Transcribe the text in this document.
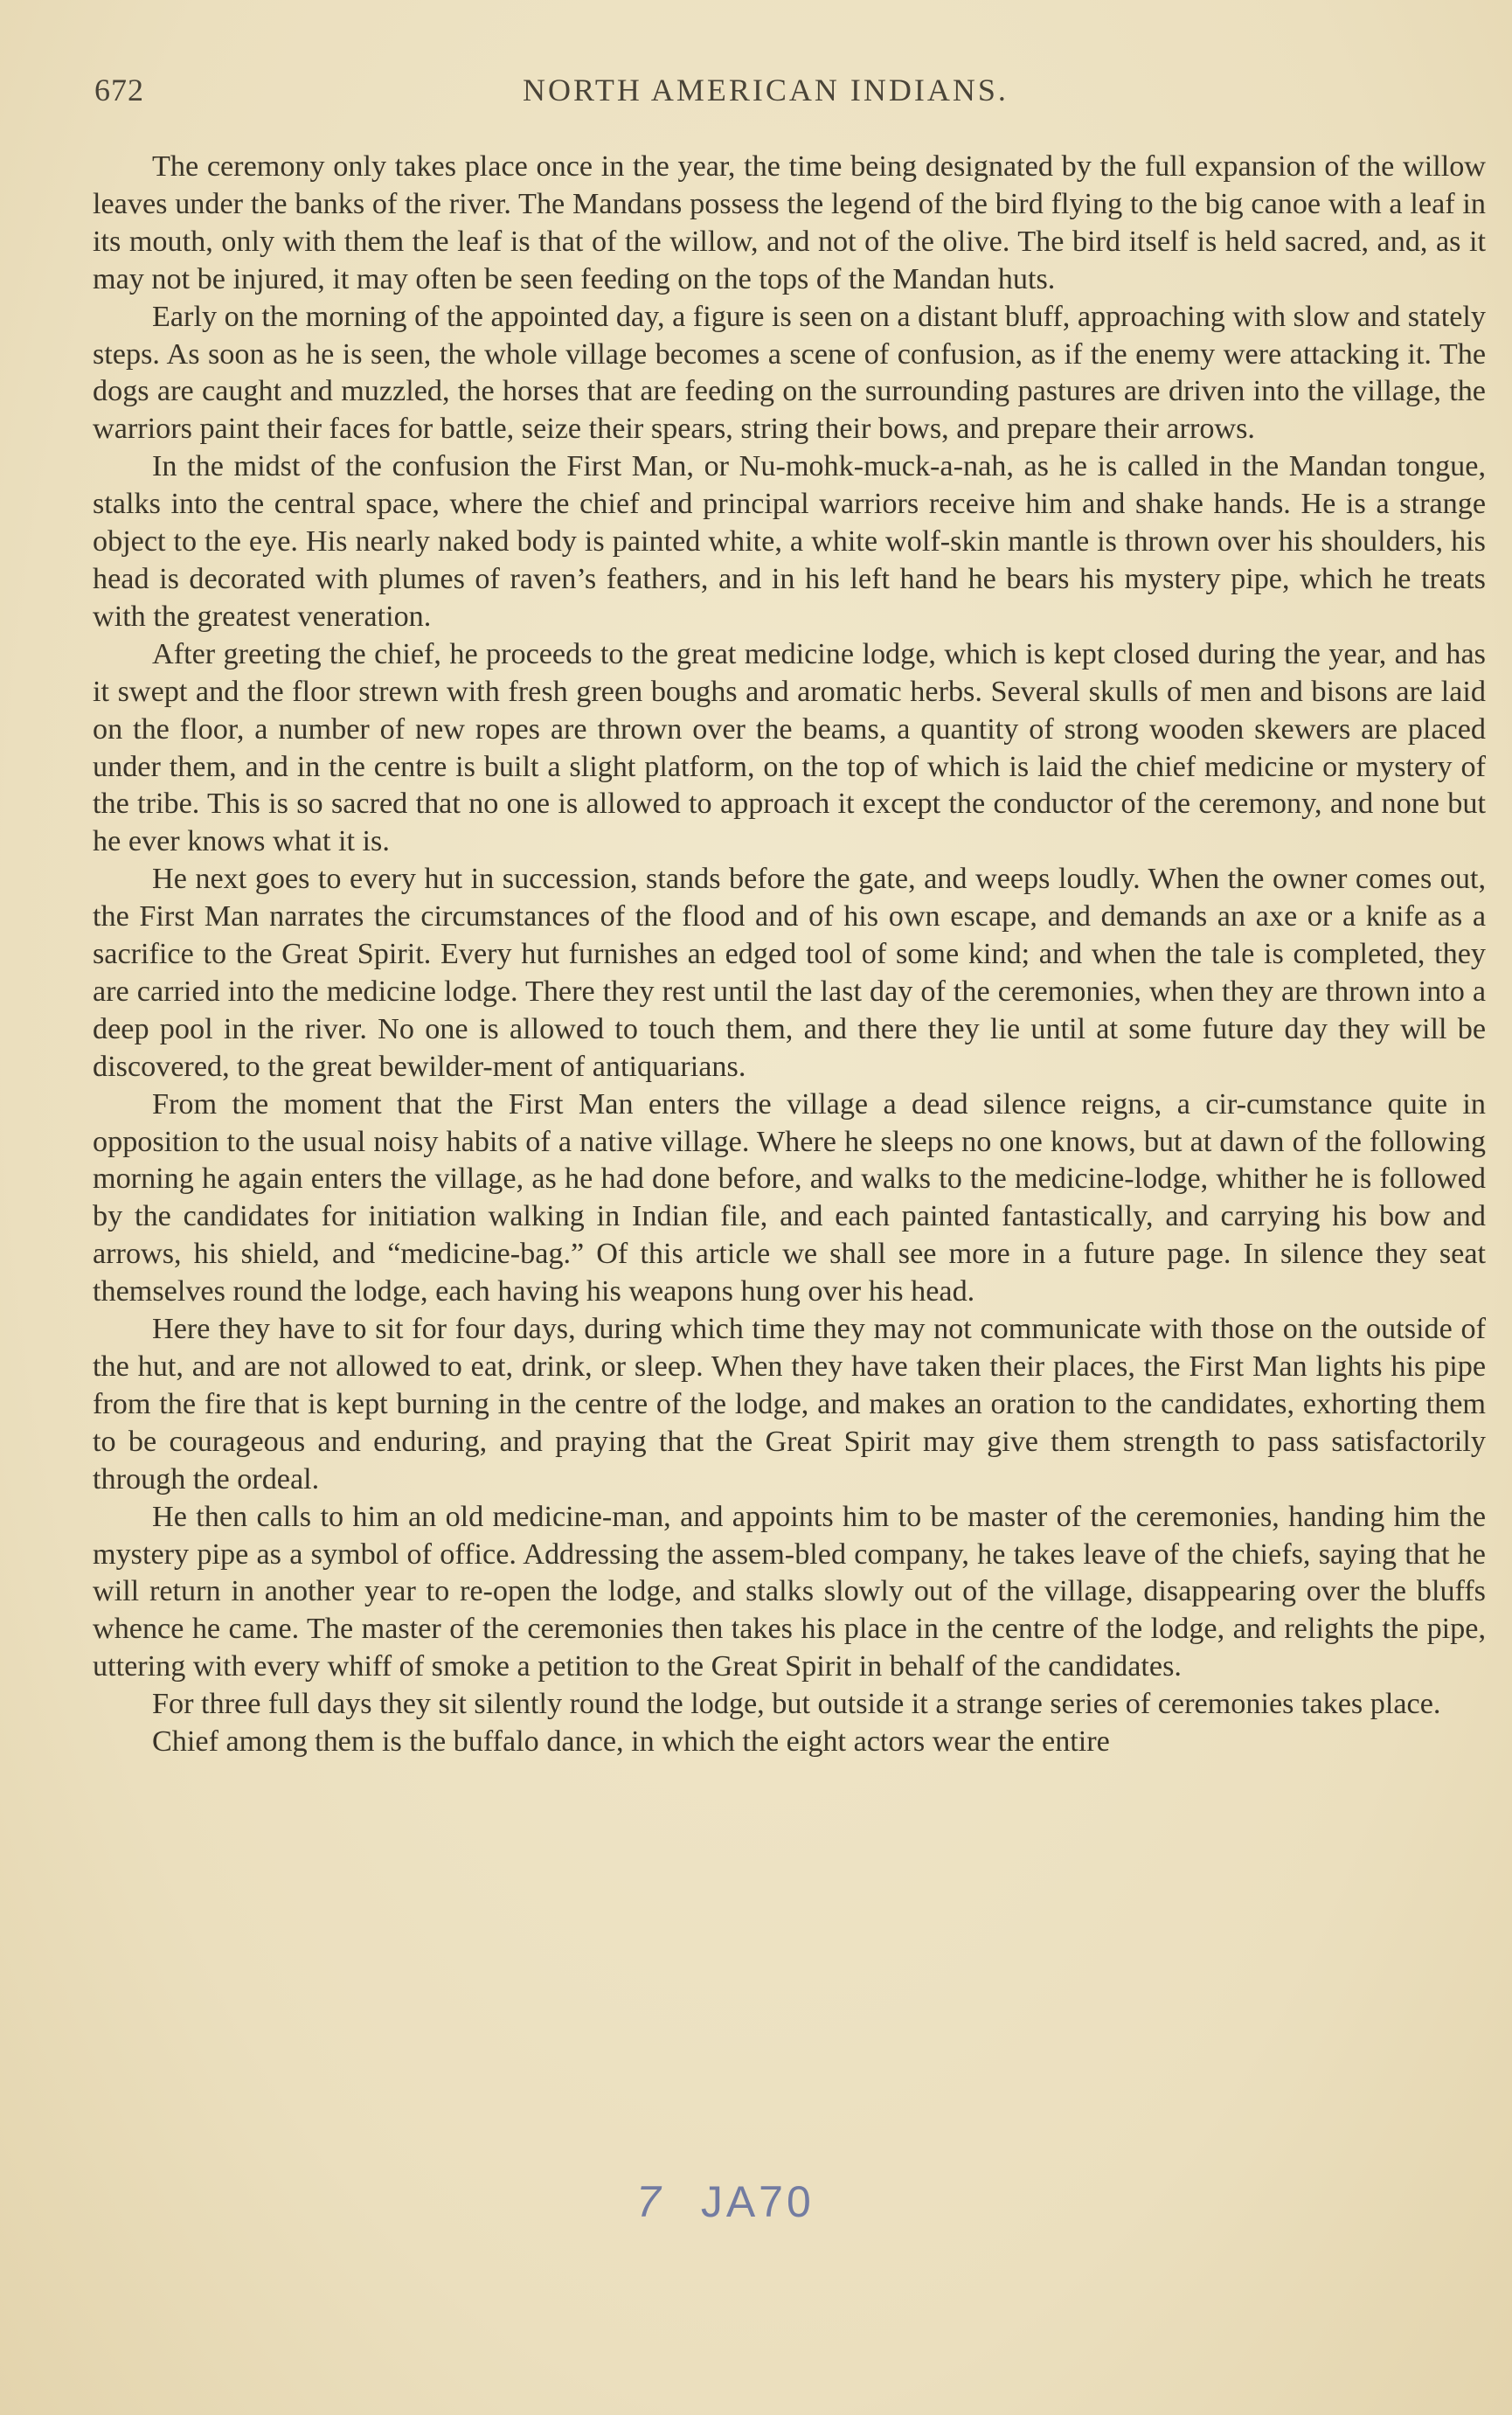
672	NORTH AMERICAN INDIANS.

The ceremony only takes place once in the year, the time being designated by the full expansion of the willow leaves under the banks of the river. The Mandans possess the legend of the bird flying to the big canoe with a leaf in its mouth, only with them the leaf is that of the willow, and not of the olive. The bird itself is held sacred, and, as it may not be injured, it may often be seen feeding on the tops of the Mandan huts.

Early on the morning of the appointed day, a figure is seen on a distant bluff, approaching with slow and stately steps. As soon as he is seen, the whole village becomes a scene of confusion, as if the enemy were attacking it. The dogs are caught and muzzled, the horses that are feeding on the surrounding pastures are driven into the village, the warriors paint their faces for battle, seize their spears, string their bows, and prepare their arrows.

In the midst of the confusion the First Man, or Nu-mohk-muck-a-nah, as he is called in the Mandan tongue, stalks into the central space, where the chief and principal warriors receive him and shake hands. He is a strange object to the eye. His nearly naked body is painted white, a white wolf-skin mantle is thrown over his shoulders, his head is decorated with plumes of raven’s feathers, and in his left hand he bears his mystery pipe, which he treats with the greatest veneration.

After greeting the chief, he proceeds to the great medicine lodge, which is kept closed during the year, and has it swept and the floor strewn with fresh green boughs and aromatic herbs. Several skulls of men and bisons are laid on the floor, a number of new ropes are thrown over the beams, a quantity of strong wooden skewers are placed under them, and in the centre is built a slight platform, on the top of which is laid the chief medicine or mystery of the tribe. This is so sacred that no one is allowed to approach it except the conductor of the ceremony, and none but he ever knows what it is.

He next goes to every hut in succession, stands before the gate, and weeps loudly. When the owner comes out, the First Man narrates the circumstances of the flood and of his own escape, and demands an axe or a knife as a sacrifice to the Great Spirit. Every hut furnishes an edged tool of some kind; and when the tale is completed, they are carried into the medicine lodge. There they rest until the last day of the ceremonies, when they are thrown into a deep pool in the river. No one is allowed to touch them, and there they lie until at some future day they will be discovered, to the great bewilder-ment of antiquarians.

From the moment that the First Man enters the village a dead silence reigns, a cir-cumstance quite in opposition to the usual noisy habits of a native village. Where he sleeps no one knows, but at dawn of the following morning he again enters the village, as he had done before, and walks to the medicine-lodge, whither he is followed by the candidates for initiation walking in Indian file, and each painted fantastically, and carrying his bow and arrows, his shield, and “medicine-bag.” Of this article we shall see more in a future page. In silence they seat themselves round the lodge, each having his weapons hung over his head.

Here they have to sit for four days, during which time they may not communicate with those on the outside of the hut, and are not allowed to eat, drink, or sleep. When they have taken their places, the First Man lights his pipe from the fire that is kept burning in the centre of the lodge, and makes an oration to the candidates, exhorting them to be courageous and enduring, and praying that the Great Spirit may give them strength to pass satisfactorily through the ordeal.

He then calls to him an old medicine-man, and appoints him to be master of the ceremonies, handing him the mystery pipe as a symbol of office. Addressing the assem-bled company, he takes leave of the chiefs, saying that he will return in another year to re-open the lodge, and stalks slowly out of the village, disappearing over the bluffs whence he came. The master of the ceremonies then takes his place in the centre of the lodge, and relights the pipe, uttering with every whiff of smoke a petition to the Great Spirit in behalf of the candidates.

For three full days they sit silently round the lodge, but outside it a strange series of ceremonies takes place.

Chief among them is the buffalo dance, in which the eight actors wear the entire

7 JA70
